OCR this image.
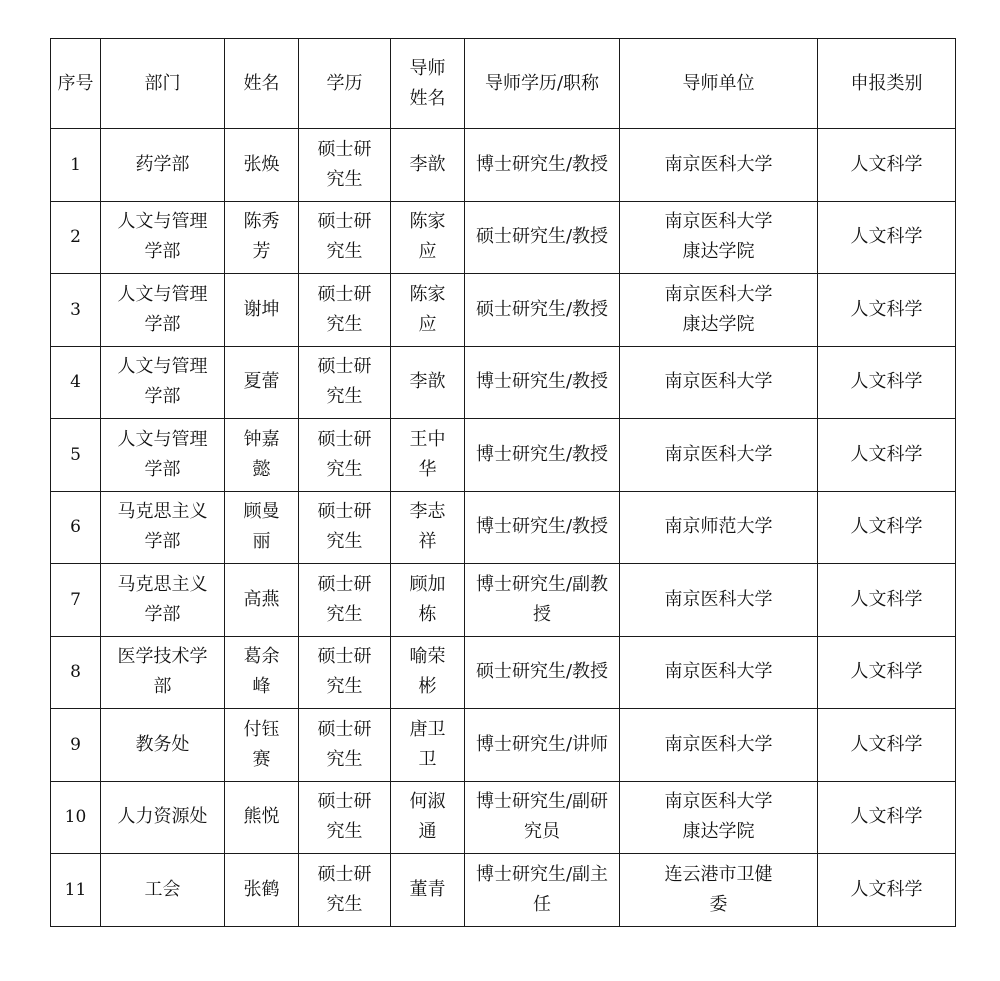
序号	部门	姓名	学历	导师姓名	导师学历/职称	导师单位	申报类别
1	药学部	张焕	硕士研究生	李歆	博士研究生/教授	南京医科大学	人文科学
2	人文与管理学部	陈秀芳	硕士研究生	陈家应	硕士研究生/教授	南京医科大学康达学院	人文科学
3	人文与管理学部	谢坤	硕士研究生	陈家应	硕士研究生/教授	南京医科大学康达学院	人文科学
4	人文与管理学部	夏蕾	硕士研究生	李歆	博士研究生/教授	南京医科大学	人文科学
5	人文与管理学部	钟嘉懿	硕士研究生	王中华	博士研究生/教授	南京医科大学	人文科学
6	马克思主义学部	顾曼丽	硕士研究生	李志祥	博士研究生/教授	南京师范大学	人文科学
7	马克思主义学部	高燕	硕士研究生	顾加栋	博士研究生/副教授	南京医科大学	人文科学
8	医学技术学部	葛余峰	硕士研究生	喻荣彬	硕士研究生/教授	南京医科大学	人文科学
9	教务处	付钰赛	硕士研究生	唐卫卫	博士研究生/讲师	南京医科大学	人文科学
10	人力资源处	熊悦	硕士研究生	何淑通	博士研究生/副研究员	南京医科大学康达学院	人文科学
11	工会	张鹤	硕士研究生	董青	博士研究生/副主任	连云港市卫健委	人文科学
